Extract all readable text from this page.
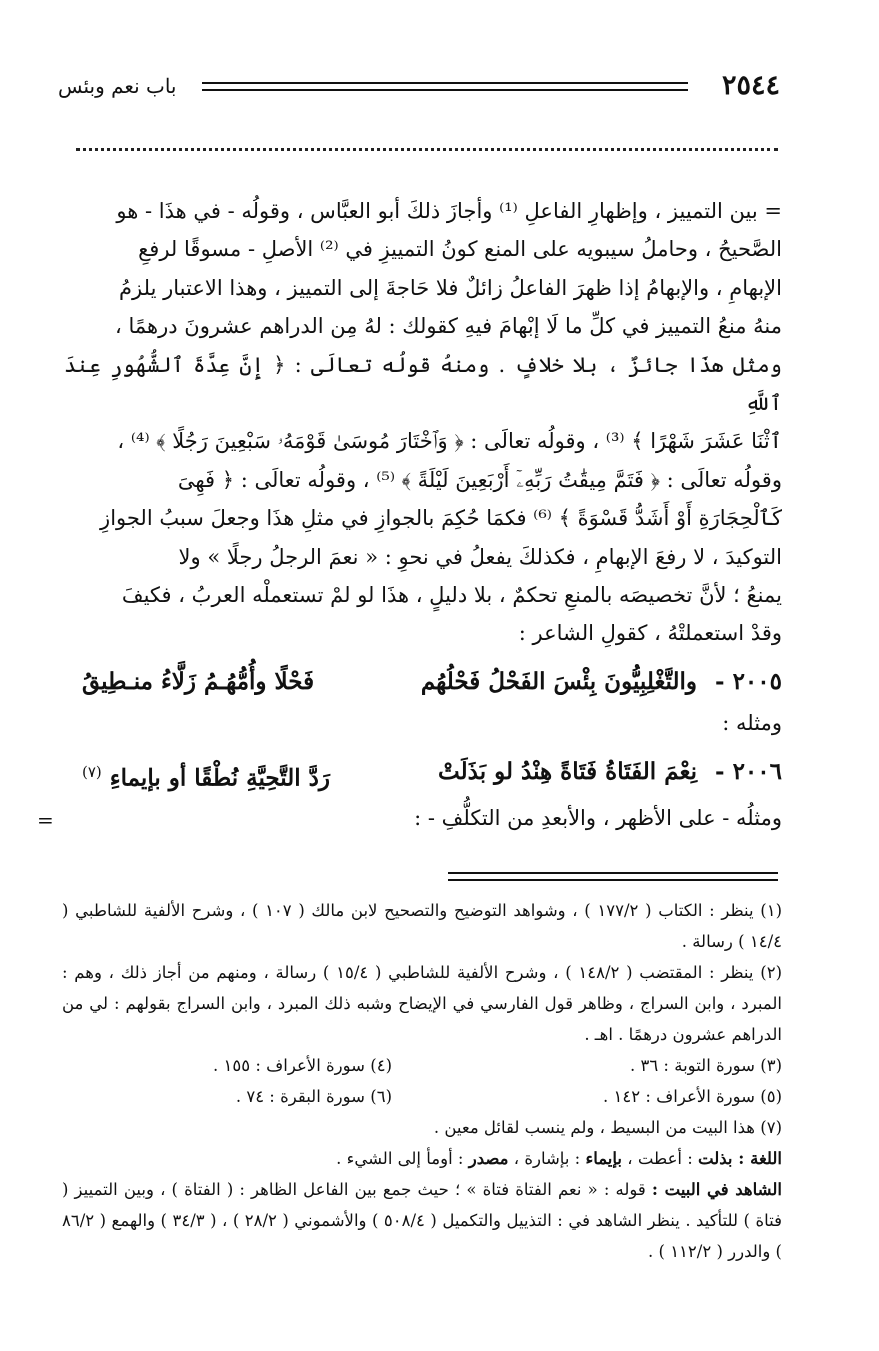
٢٥٤٤
باب نعم وبئس

= بين التمييز ، وإظهارِ الفاعلِ ⁽¹⁾ وأجازَ ذلكَ أبو العبَّاس ، وقولُه - في هذَا - هو

الصَّحيحُ ، وحاملُ سيبويه على المنع كونُ التمييزِ في ⁽²⁾ الأصلِ - مسوقًا لرفعِ

الإبهامِ ، والإبهامُ إذا ظهرَ الفاعلُ زائلٌ فلا حَاجةَ إلى التمييز ، وهذا الاعتبار يلزمُ

منهُ منعُ التمييز في كلِّ ما لَا إبْهامَ فيهِ كقولك : لهُ مِن الدراهم عشرونَ درهمًا ،

ومثل هذَا جائزٌ ، بلا خلافٍ . ومنهُ قولُه تعالَى : ﴿ إِنَّ عِدَّةَ ٱلشُّهُورِ عِندَ ٱللَّهِ

ٱثْنَا عَشَرَ شَهْرًا ﴾ ⁽³⁾ ، وقولُه تعالَى : ﴿ وَٱخْتَارَ مُوسَىٰ قَوْمَهُۥ سَبْعِينَ رَجُلًا ﴾ ⁽⁴⁾ ،

وقولُه تعالَى : ﴿ فَتَمَّ مِيقَٰتُ رَبِّهِۦٓ أَرْبَعِينَ لَيْلَةً ﴾ ⁽⁵⁾ ، وقولُه تعالَى : ﴿ فَهِىَ

كَٱلْحِجَارَةِ أَوْ أَشَدُّ قَسْوَةً ﴾ ⁽⁶⁾ فكمَا حُكِمَ بالجوازِ في مثلِ هذَا وجعلَ سببُ الجوازِ

التوكيدَ ، لا رفعَ الإبهامِ ، فكذلكَ يفعلُ في نحوِ : « نعمَ الرجلُ رجلًا » ولا

يمنعُ ؛ لأنَّ تخصيصَه بالمنعِ تحكمٌ ، بلا دليلٍ ، هذَا لو لمْ تستعملْه العربُ ، فكيفَ

وقدْ استعملتْهُ ، كقولِ الشاعر :

٢٠٠٥ - والتَّغْلِبِيُّونَ بِئْسَ الفَحْلُ فَحْلُهُم
فَحْلًا وأُمُّهُـمُ زَلَّاءُ منـطِيقُ
ومثله :
٢٠٠٦ - نِعْمَ الفَتَاةُ فَتَاةً هِنْدُ لو بَذَلَتْ
رَدَّ التَّحِيَّةِ نُطْقًا أو بإيماءِ $^{(٧)}$
ومثلُه - على الأظهر ، والأبعدِ من التكلُّفِ - :
=

(١) ينظر : الكتاب ( ١٧٧/٢ ) ، وشواهد التوضيح والتصحيح لابن مالك ( ١٠٧ ) ، وشرح الألفية للشاطبي ( ١٤/٤ ) رسالة .

(٢) ينظر : المقتضب ( ١٤٨/٢ ) ، وشرح الألفية للشاطبي ( ١٥/٤ ) رسالة ، ومنهم من أجاز ذلك ، وهم : المبرد ، وابن السراج ، وظاهر قول الفارسي في الإيضاح وشبه ذلك المبرد ، وابن السراج بقولهم : لي من الدراهم عشرون درهمًا . اهـ .

(٣) سورة التوبة : ٣٦ .
(٤) سورة الأعراف : ١٥٥ .
(٥) سورة الأعراف : ١٤٢ .
(٦) سورة البقرة : ٧٤ .

(٧) هذا البيت من البسيط ، ولم ينسب لقائل معين .

اللغة : بذلت : أعطت ، بإيماء : بإشارة ، مصدر : أومأ إلى الشيء .

الشاهد في البيت : قوله : « نعم الفتاة فتاة » ؛ حيث جمع بين الفاعل الظاهر : ( الفتاة ) ، وبين التمييز ( فتاة ) للتأكيد . ينظر الشاهد في : التذييل والتكميل ( ٥٠٨/٤ ) والأشموني ( ٢٨/٢ ) ، ( ٣٤/٣ ) والهمع ( ٨٦/٢ ) والدرر ( ١١٢/٢ ) .
